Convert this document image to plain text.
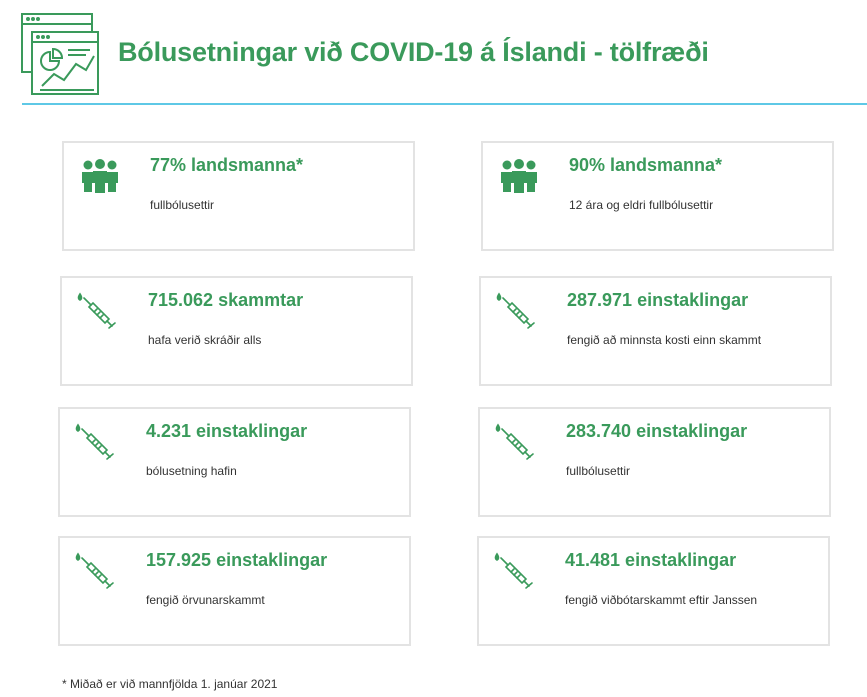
Bólusetningar við COVID-19 á Íslandi - tölfræði
77% landsmanna*
fullbólusettir
90% landsmanna*
12 ára og eldri fullbólusettir
715.062 skammtar
hafa verið skráðir alls
287.971 einstaklingar
fengið að minnsta kosti einn skammt
4.231 einstaklingar
bólusetning hafin
283.740 einstaklingar
fullbólusettir
157.925 einstaklingar
fengið örvunarskammt
41.481 einstaklingar
fengið viðbótarskammt eftir Janssen
* Miðað er við mannfjölda 1. janúar 2021
